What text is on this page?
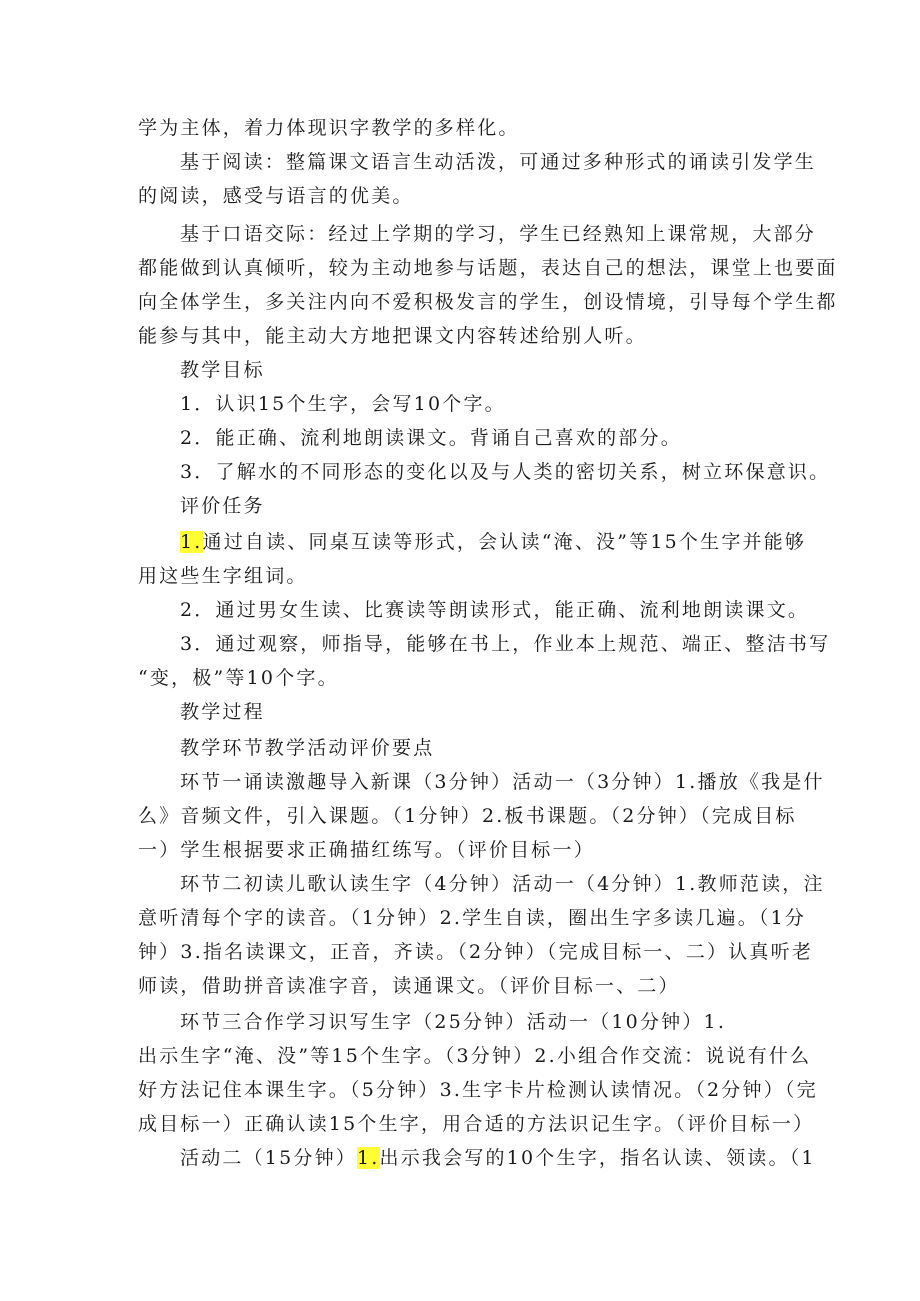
学为主体，着力体现识字教学的多样化。
基于阅读：整篇课文语言生动活泼，可通过多种形式的诵读引发学生
的阅读，感受与语言的优美。
基于口语交际：经过上学期的学习，学生已经熟知上课常规，大部分
都能做到认真倾听，较为主动地参与话题，表达自己的想法，课堂上也要面
向全体学生，多关注内向不爱积极发言的学生，创设情境，引导每个学生都
能参与其中，能主动大方地把课文内容转述给别人听。
教学目标
1．认识15个生字，会写10个字。
2．能正确、流利地朗读课文。背诵自己喜欢的部分。
3．了解水的不同形态的变化以及与人类的密切关系，树立环保意识。
评价任务
1.通过自读、同桌互读等形式，会认读“淹、没”等15个生字并能够
用这些生字组词。
2．通过男女生读、比赛读等朗读形式，能正确、流利地朗读课文。
3．通过观察，师指导，能够在书上，作业本上规范、端正、整洁书写
“变，极”等10个字。
教学过程
教学环节教学活动评价要点
环节一诵读激趣导入新课（3分钟）活动一（3分钟）1.播放《我是什
么》音频文件，引入课题。（1分钟）2.板书课题。（2分钟）（完成目标
一）学生根据要求正确描红练写。（评价目标一）
环节二初读儿歌认读生字（4分钟）活动一（4分钟）1.教师范读，注
意听清每个字的读音。（1分钟）2.学生自读，圈出生字多读几遍。（1分
钟）3.指名读课文，正音，齐读。（2分钟）（完成目标一、二）认真听老
师读，借助拼音读准字音，读通课文。（评价目标一、二）
环节三合作学习识写生字（25分钟）活动一（10分钟）1.
出示生字“淹、没”等15个生字。（3分钟）2.小组合作交流：说说有什么
好方法记住本课生字。（5分钟）3.生字卡片检测认读情况。（2分钟）（完
成目标一）正确认读15个生字，用合适的方法识记生字。（评价目标一）
活动二（15分钟）1.出示我会写的10个生字，指名认读、领读。（1
